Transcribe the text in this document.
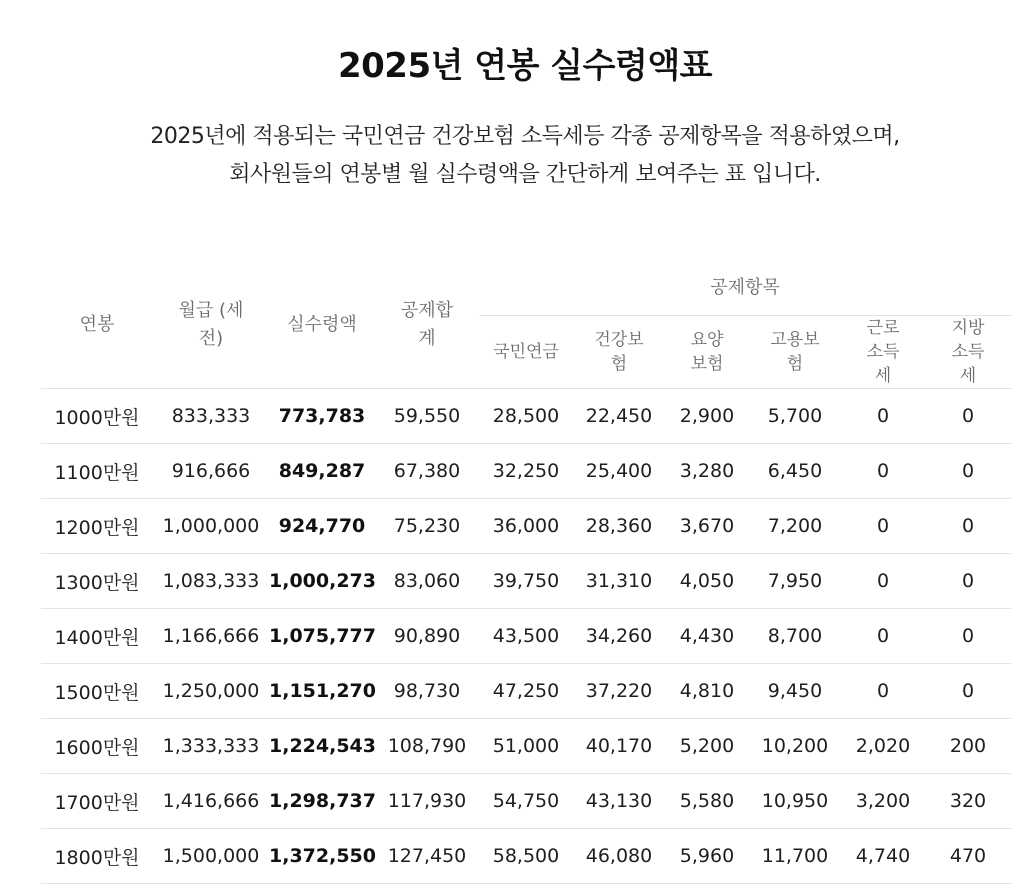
2025년 연봉 실수령액표
2025년에 적용되는 국민연금 건강보험 소득세등 각종 공제항목을 적용하였으며,
회사원들의 연봉별 월 실수령액을 간단하게 보여주는 표 입니다.
연봉	월급 (세전)	실수령액	공제합계	공제항목					
				국민연금	건강보험	요양보험	고용보험	근로소득세	지방소득세
1000만원	833,333	773,783	59,550	28,500	22,450	2,900	5,700	0	0
1100만원	916,666	849,287	67,380	32,250	25,400	3,280	6,450	0	0
1200만원	1,000,000	924,770	75,230	36,000	28,360	3,670	7,200	0	0
1300만원	1,083,333	1,000,273	83,060	39,750	31,310	4,050	7,950	0	0
1400만원	1,166,666	1,075,777	90,890	43,500	34,260	4,430	8,700	0	0
1500만원	1,250,000	1,151,270	98,730	47,250	37,220	4,810	9,450	0	0
1600만원	1,333,333	1,224,543	108,790	51,000	40,170	5,200	10,200	2,020	200
1700만원	1,416,666	1,298,737	117,930	54,750	43,130	5,580	10,950	3,200	320
1800만원	1,500,000	1,372,550	127,450	58,500	46,080	5,960	11,700	4,740	470
